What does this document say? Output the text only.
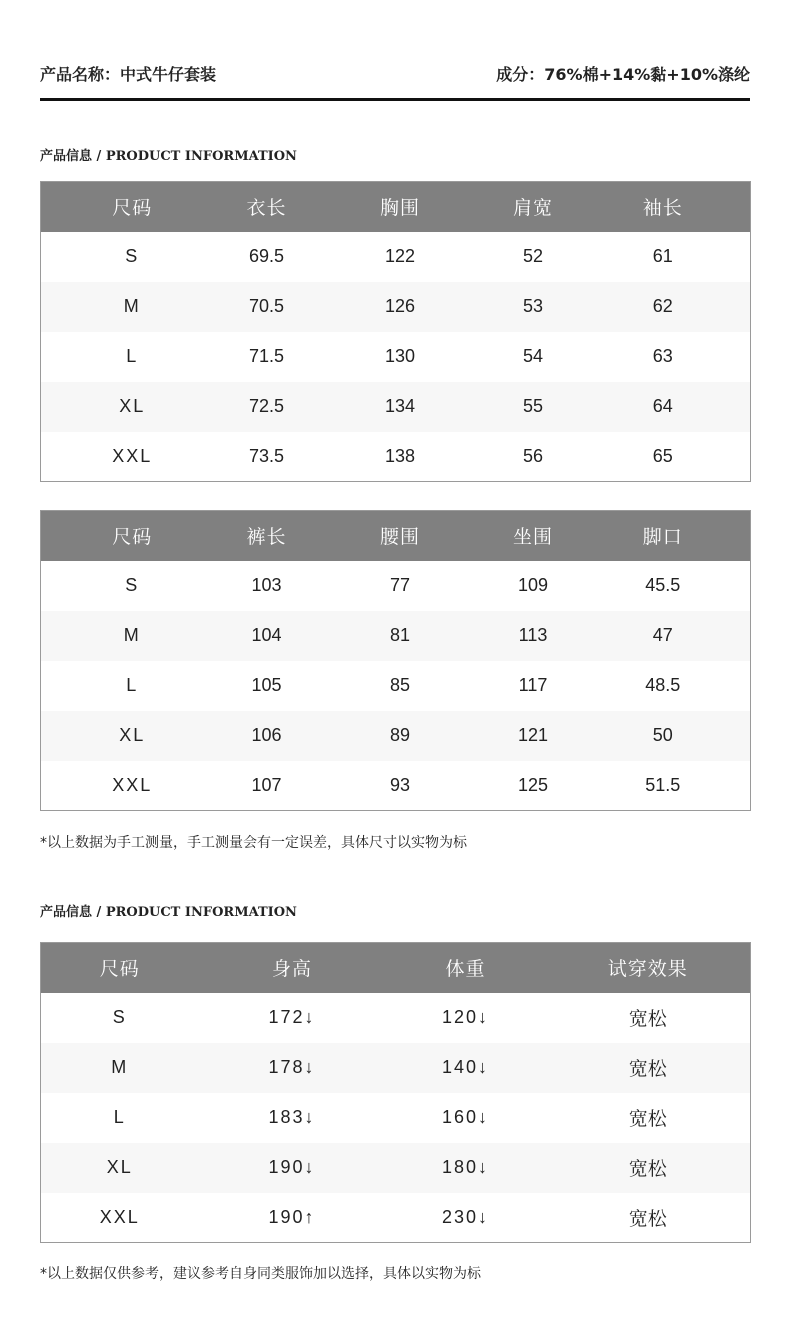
产品名称：中式牛仔套装	成分：76%棉+14%黏+10%涤纶
产品信息 / PRODUCT INFORMATION
尺码	衣长	胸围	肩宽	袖长
S	69.5	122	52	61
M	70.5	126	53	62
L	71.5	130	54	63
XL	72.5	134	55	64
XXL	73.5	138	56	65
尺码	裤长	腰围	坐围	脚口
S	103	77	109	45.5
M	104	81	113	47
L	105	85	117	48.5
XL	106	89	121	50
XXL	107	93	125	51.5
*以上数据为手工测量，手工测量会有一定误差，具体尺寸以实物为标
产品信息 / PRODUCT INFORMATION
尺码	身高	体重	试穿效果
S	172↓	120↓	宽松
M	178↓	140↓	宽松
L	183↓	160↓	宽松
XL	190↓	180↓	宽松
XXL	190↑	230↓	宽松
*以上数据仅供参考，建议参考自身同类服饰加以选择，具体以实物为标
